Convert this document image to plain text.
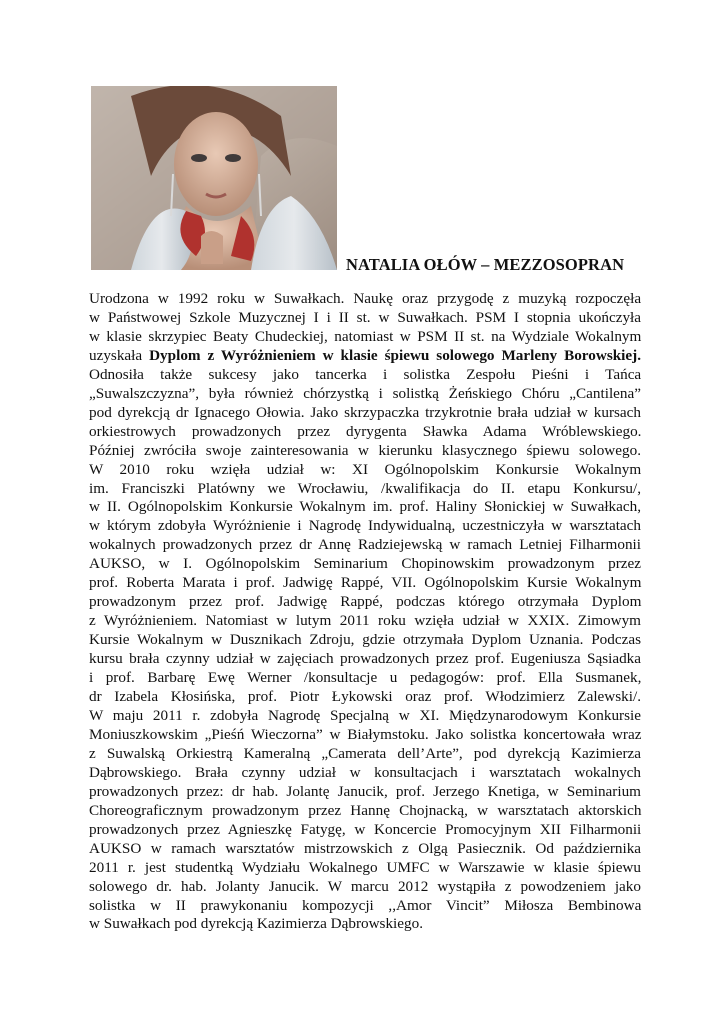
NATALIA OŁÓW – MEZZOSOPRAN
Urodzona w 1992 roku w Suwałkach. Naukę oraz przygodę z muzyką rozpoczęła
w Państwowej Szkole Muzycznej I i II st. w Suwałkach. PSM I stopnia ukończyła
w klasie skrzypiec Beaty Chudeckiej, natomiast w PSM II st. na Wydziale Wokalnym
uzyskała Dyplom z Wyróżnieniem w klasie śpiewu solowego Marleny Borowskiej.
Odnosiła także sukcesy jako tancerka i solistka Zespołu Pieśni i Tańca
„Suwalszczyzna”, była również chórzystką i solistką Żeńskiego Chóru „Cantilena”
pod dyrekcją dr Ignacego Ołowia. Jako skrzypaczka trzykrotnie brała udział w kursach
orkiestrowych prowadzonych przez dyrygenta Sławka Adama Wróblewskiego.
Później zwróciła swoje zainteresowania w kierunku klasycznego śpiewu solowego.
W 2010 roku wzięła udział w: XI Ogólnopolskim Konkursie Wokalnym
im. Franciszki Platówny we Wrocławiu, /kwalifikacja do II. etapu Konkursu/,
w II. Ogólnopolskim Konkursie Wokalnym im. prof. Haliny Słonickiej w Suwałkach,
w którym zdobyła Wyróżnienie i Nagrodę Indywidualną, uczestniczyła w warsztatach
wokalnych prowadzonych przez dr Annę Radziejewską w ramach Letniej Filharmonii
AUKSO, w I. Ogólnopolskim Seminarium Chopinowskim prowadzonym przez
prof. Roberta Marata i prof. Jadwigę Rappé, VII. Ogólnopolskim Kursie Wokalnym
prowadzonym przez prof. Jadwigę Rappé, podczas którego otrzymała Dyplom
z Wyróżnieniem. Natomiast w lutym 2011 roku wzięła udział w XXIX. Zimowym
Kursie Wokalnym w Dusznikach Zdroju, gdzie otrzymała Dyplom Uznania. Podczas
kursu brała czynny udział w zajęciach prowadzonych przez prof. Eugeniusza Sąsiadka
i prof. Barbarę Ewę Werner /konsultacje u pedagogów: prof. Ella Susmanek,
dr Izabela Kłosińska, prof. Piotr Łykowski oraz prof. Włodzimierz Zalewski/.
W maju 2011 r. zdobyła Nagrodę Specjalną w XI. Międzynarodowym Konkursie
Moniuszkowskim „Pieśń Wieczorna” w Białymstoku. Jako solistka koncertowała wraz
z Suwalską Orkiestrą Kameralną „Camerata dell’Arte”, pod dyrekcją Kazimierza
Dąbrowskiego. Brała czynny udział w konsultacjach i warsztatach wokalnych
prowadzonych przez: dr hab. Jolantę Janucik, prof. Jerzego Knetiga, w Seminarium
Choreograficznym prowadzonym przez Hannę Chojnacką, w warsztatach aktorskich
prowadzonych przez Agnieszkę Fatygę, w Koncercie Promocyjnym XII Filharmonii
AUKSO w ramach warsztatów mistrzowskich z Olgą Pasiecznik. Od października
2011 r. jest studentką Wydziału Wokalnego UMFC w Warszawie w klasie śpiewu
solowego dr. hab. Jolanty Janucik. W marcu 2012 wystąpiła z powodzeniem jako
solistka w II prawykonaniu kompozycji ,,Amor Vincit” Miłosza Bembinowa
w Suwałkach pod dyrekcją Kazimierza Dąbrowskiego.
